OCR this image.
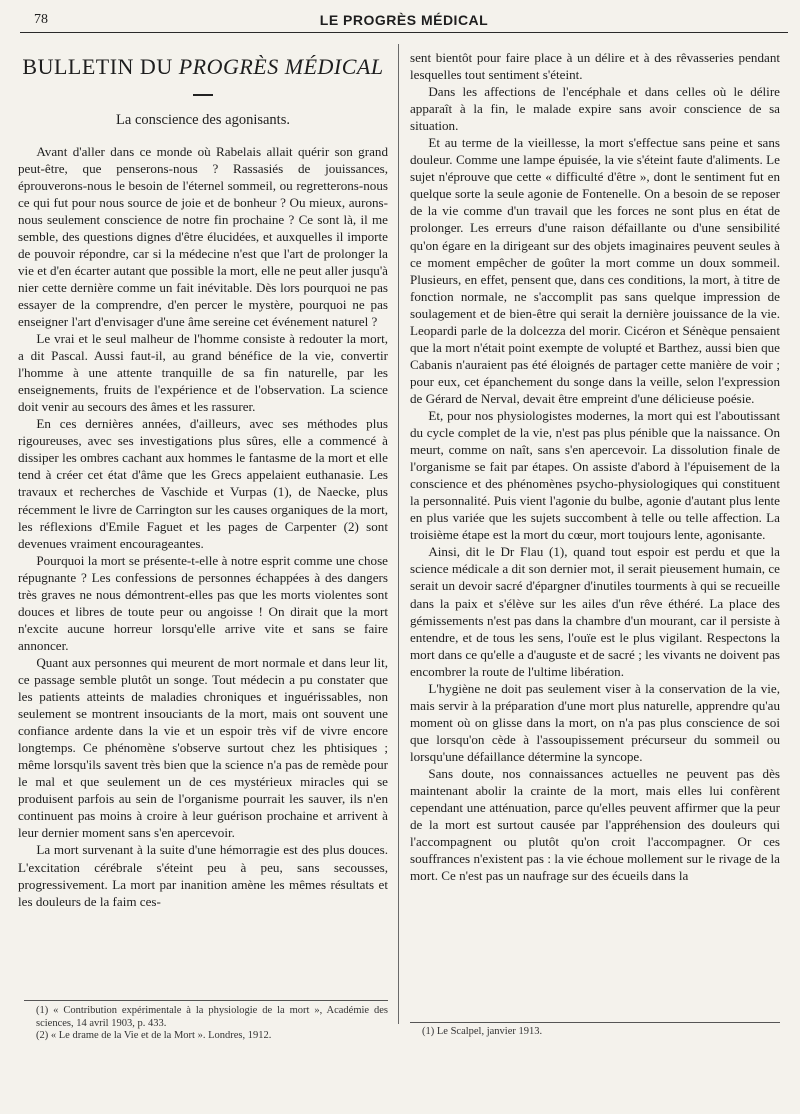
78	LE PROGRÈS MÉDICAL
BULLETIN DU PROGRÈS MÉDICAL
La conscience des agonisants.

Avant d'aller dans ce monde où Rabelais allait quérir son grand peut-être, que penserons-nous ? Rassasiés de jouissances, éprouverons-nous le besoin de l'éternel sommeil, ou regretterons-nous ce qui fut pour nous source de joie et de bonheur ? Ou mieux, aurons-nous seulement conscience de notre fin prochaine ? Ce sont là, il me semble, des questions dignes d'être élucidées, et auxquelles il importe de pouvoir répondre, car si la médecine n'est que l'art de prolonger la vie et d'en écarter autant que possible la mort, elle ne peut aller jusqu'à nier cette dernière comme un fait inévitable. Dès lors pourquoi ne pas essayer de la comprendre, d'en percer le mystère, pourquoi ne pas enseigner l'art d'envisager d'une âme sereine cet événement naturel ?

Le vrai et le seul malheur de l'homme consiste à redouter la mort, a dit Pascal. Aussi faut-il, au grand bénéfice de la vie, convertir l'homme à une attente tranquille de sa fin naturelle, par les enseignements, fruits de l'expérience et de l'observation. La science doit venir au secours des âmes et les rassurer.

En ces dernières années, d'ailleurs, avec ses méthodes plus rigoureuses, avec ses investigations plus sûres, elle a commencé à dissiper les ombres cachant aux hommes le fantasme de la mort et elle tend à créer cet état d'âme que les Grecs appelaient euthanasie. Les travaux et recherches de Vaschide et Vurpas (1), de Naecke, plus récemment le livre de Carrington sur les causes organiques de la mort, les réflexions d'Emile Faguet et les pages de Carpenter (2) sont devenues vraiment encourageantes.

Pourquoi la mort se présente-t-elle à notre esprit comme une chose répugnante ? Les confessions de personnes échappées à des dangers très graves ne nous démontrent-elles pas que les morts violentes sont douces et libres de toute peur ou angoisse ! On dirait que la mort n'excite aucune horreur lorsqu'elle arrive vite et sans se faire annoncer.

Quant aux personnes qui meurent de mort normale et dans leur lit, ce passage semble plutôt un songe. Tout médecin a pu constater que les patients atteints de maladies chroniques et inguérissables, non seulement se montrent insouciants de la mort, mais ont souvent une confiance ardente dans la vie et un espoir très vif de vivre encore longtemps. Ce phénomène s'observe surtout chez les phtisiques ; même lorsqu'ils savent très bien que la science n'a pas de remède pour le mal et que seulement un de ces mystérieux miracles qui se produisent parfois au sein de l'organisme pourrait les sauver, ils n'en continuent pas moins à croire à leur guérison prochaine et arrivent à leur dernier moment sans s'en apercevoir.

La mort survenant à la suite d'une hémorragie est des plus douces. L'excitation cérébrale s'éteint peu à peu, sans secousses, progressivement. La mort par inanition amène les mêmes résultats et les douleurs de la faim ces-

sent bientôt pour faire place à un délire et à des rêvasseries pendant lesquelles tout sentiment s'éteint.

Dans les affections de l'encéphale et dans celles où le délire apparaît à la fin, le malade expire sans avoir conscience de sa situation.

Et au terme de la vieillesse, la mort s'effectue sans peine et sans douleur. Comme une lampe épuisée, la vie s'éteint faute d'aliments. Le sujet n'éprouve que cette « difficulté d'être », dont le sentiment fut en quelque sorte la seule agonie de Fontenelle. On a besoin de se reposer de la vie comme d'un travail que les forces ne sont plus en état de prolonger. Les erreurs d'une raison défaillante ou d'une sensibilité qu'on égare en la dirigeant sur des objets imaginaires peuvent seules à ce moment empêcher de goûter la mort comme un doux sommeil. Plusieurs, en effet, pensent que, dans ces conditions, la mort, à titre de fonction normale, ne s'accomplit pas sans quelque impression de soulagement et de bien-être qui serait la dernière jouissance de la vie. Leopardi parle de la dolcezza del morir. Cicéron et Sénèque pensaient que la mort n'était point exempte de volupté et Barthez, aussi bien que Cabanis n'auraient pas été éloignés de partager cette manière de voir ; pour eux, cet épanchement du songe dans la veille, selon l'expression de Gérard de Nerval, devait être empreint d'une délicieuse poésie.

Et, pour nos physiologistes modernes, la mort qui est l'aboutissant du cycle complet de la vie, n'est pas plus pénible que la naissance. On meurt, comme on naît, sans s'en apercevoir. La dissolution finale de l'organisme se fait par étapes. On assiste d'abord à l'épuisement de la conscience et des phénomènes psycho-physiologiques qui constituent la personnalité. Puis vient l'agonie du bulbe, agonie d'autant plus lente en plus variée que les sujets succombent à telle ou telle affection. La troisième étape est la mort du cœur, mort toujours lente, agonisante.

Ainsi, dit le Dr Flau (1), quand tout espoir est perdu et que la science médicale a dit son dernier mot, il serait pieusement humain, ce serait un devoir sacré d'épargner d'inutiles tourments à qui se recueille dans la paix et s'élève sur les ailes d'un rêve éthéré. La place des gémissements n'est pas dans la chambre d'un mourant, car il persiste à entendre, et de tous les sens, l'ouïe est le plus vigilant. Respectons la mort dans ce qu'elle a d'auguste et de sacré ; les vivants ne doivent pas encombrer la route de l'ultime libération.

L'hygiène ne doit pas seulement viser à la conservation de la vie, mais servir à la préparation d'une mort plus naturelle, apprendre qu'au moment où on glisse dans la mort, on n'a pas plus conscience de soi que lorsqu'on cède à l'assoupissement précurseur du sommeil ou lorsqu'une défaillance détermine la syncope.

Sans doute, nos connaissances actuelles ne peuvent pas dès maintenant abolir la crainte de la mort, mais elles lui confèrent cependant une atténuation, parce qu'elles peuvent affirmer que la peur de la mort est surtout causée par l'appréhension des douleurs qui l'accompagnent ou plutôt qu'on croit l'accompagner. Or ces souffrances n'existent pas : la vie échoue mollement sur le rivage de la mort. Ce n'est pas un naufrage sur des écueils dans la

(1) « Contribution expérimentale à la physiologie de la mort », Académie des sciences, 14 avril 1903, p. 433.

(2) « Le drame de la Vie et de la Mort ». Londres, 1912.	(1) Le Scalpel, janvier 1913.
